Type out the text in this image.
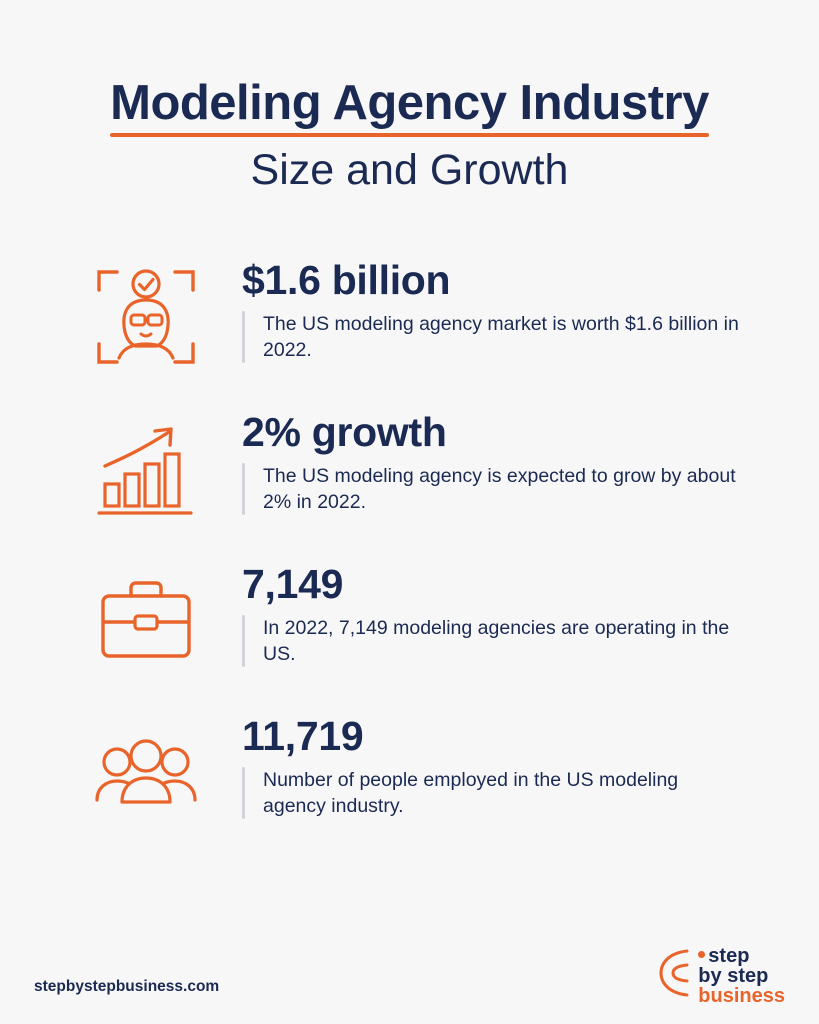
Modeling Agency Industry
Size and Growth
$1.6 billion
The US modeling agency market is worth $1.6 billion in 2022.
2% growth
The US modeling agency is expected to grow by about 2% in 2022.
7,149
In 2022, 7,149 modeling agencies are operating in the US.
11,719
Number of people employed in the US modeling agency industry.
stepbystepbusiness.com
step
by step
business
